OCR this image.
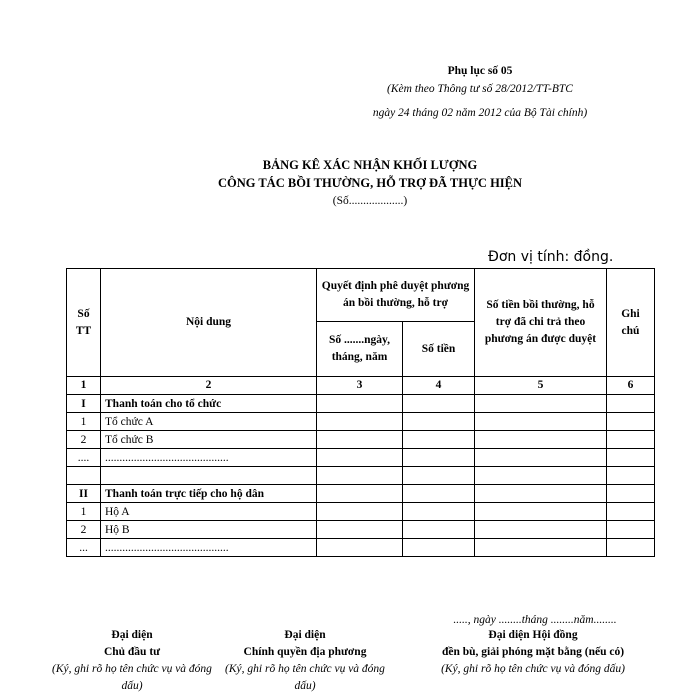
Phụ lục số 05
(Kèm theo Thông tư số 28/2012/TT-BTC
ngày 24 tháng 02 năm 2012 của Bộ Tài chính)
BẢNG KÊ XÁC NHẬN KHỐI LƯỢNG
CÔNG TÁC BỒI THƯỜNG, HỖ TRỢ ĐÃ THỰC HIỆN
(Số...................)
Đơn vị tính: đồng.
Số TT	Nội dung	Quyết định phê duyệt phương án bồi thường, hỗ trợ		Số tiền bồi thường, hỗ trợ đã chi trả theo phương án được duyệt	Ghi chú
		Số .......ngày, tháng, năm	Số tiền		
1	2	3	4	5	6
I	Thanh toán cho tổ chức				
1	Tổ chức A				
2	Tổ chức B				
....	...........................................				

II	Thanh toán trực tiếp cho hộ dân				
1	Hộ A				
2	Hộ B				
...	...........................................				
....., ngày ........tháng ........năm........
Đại diện
Chủ đầu tư
(Ký, ghi rõ họ tên chức vụ và đóng dấu)
Đại diện
Chính quyền địa phương
(Ký, ghi rõ họ tên chức vụ và đóng dấu)
Đại diện Hội đồng
đền bù, giải phóng mặt bằng (nếu có)
(Ký, ghi rõ họ tên chức vụ và đóng dấu)
